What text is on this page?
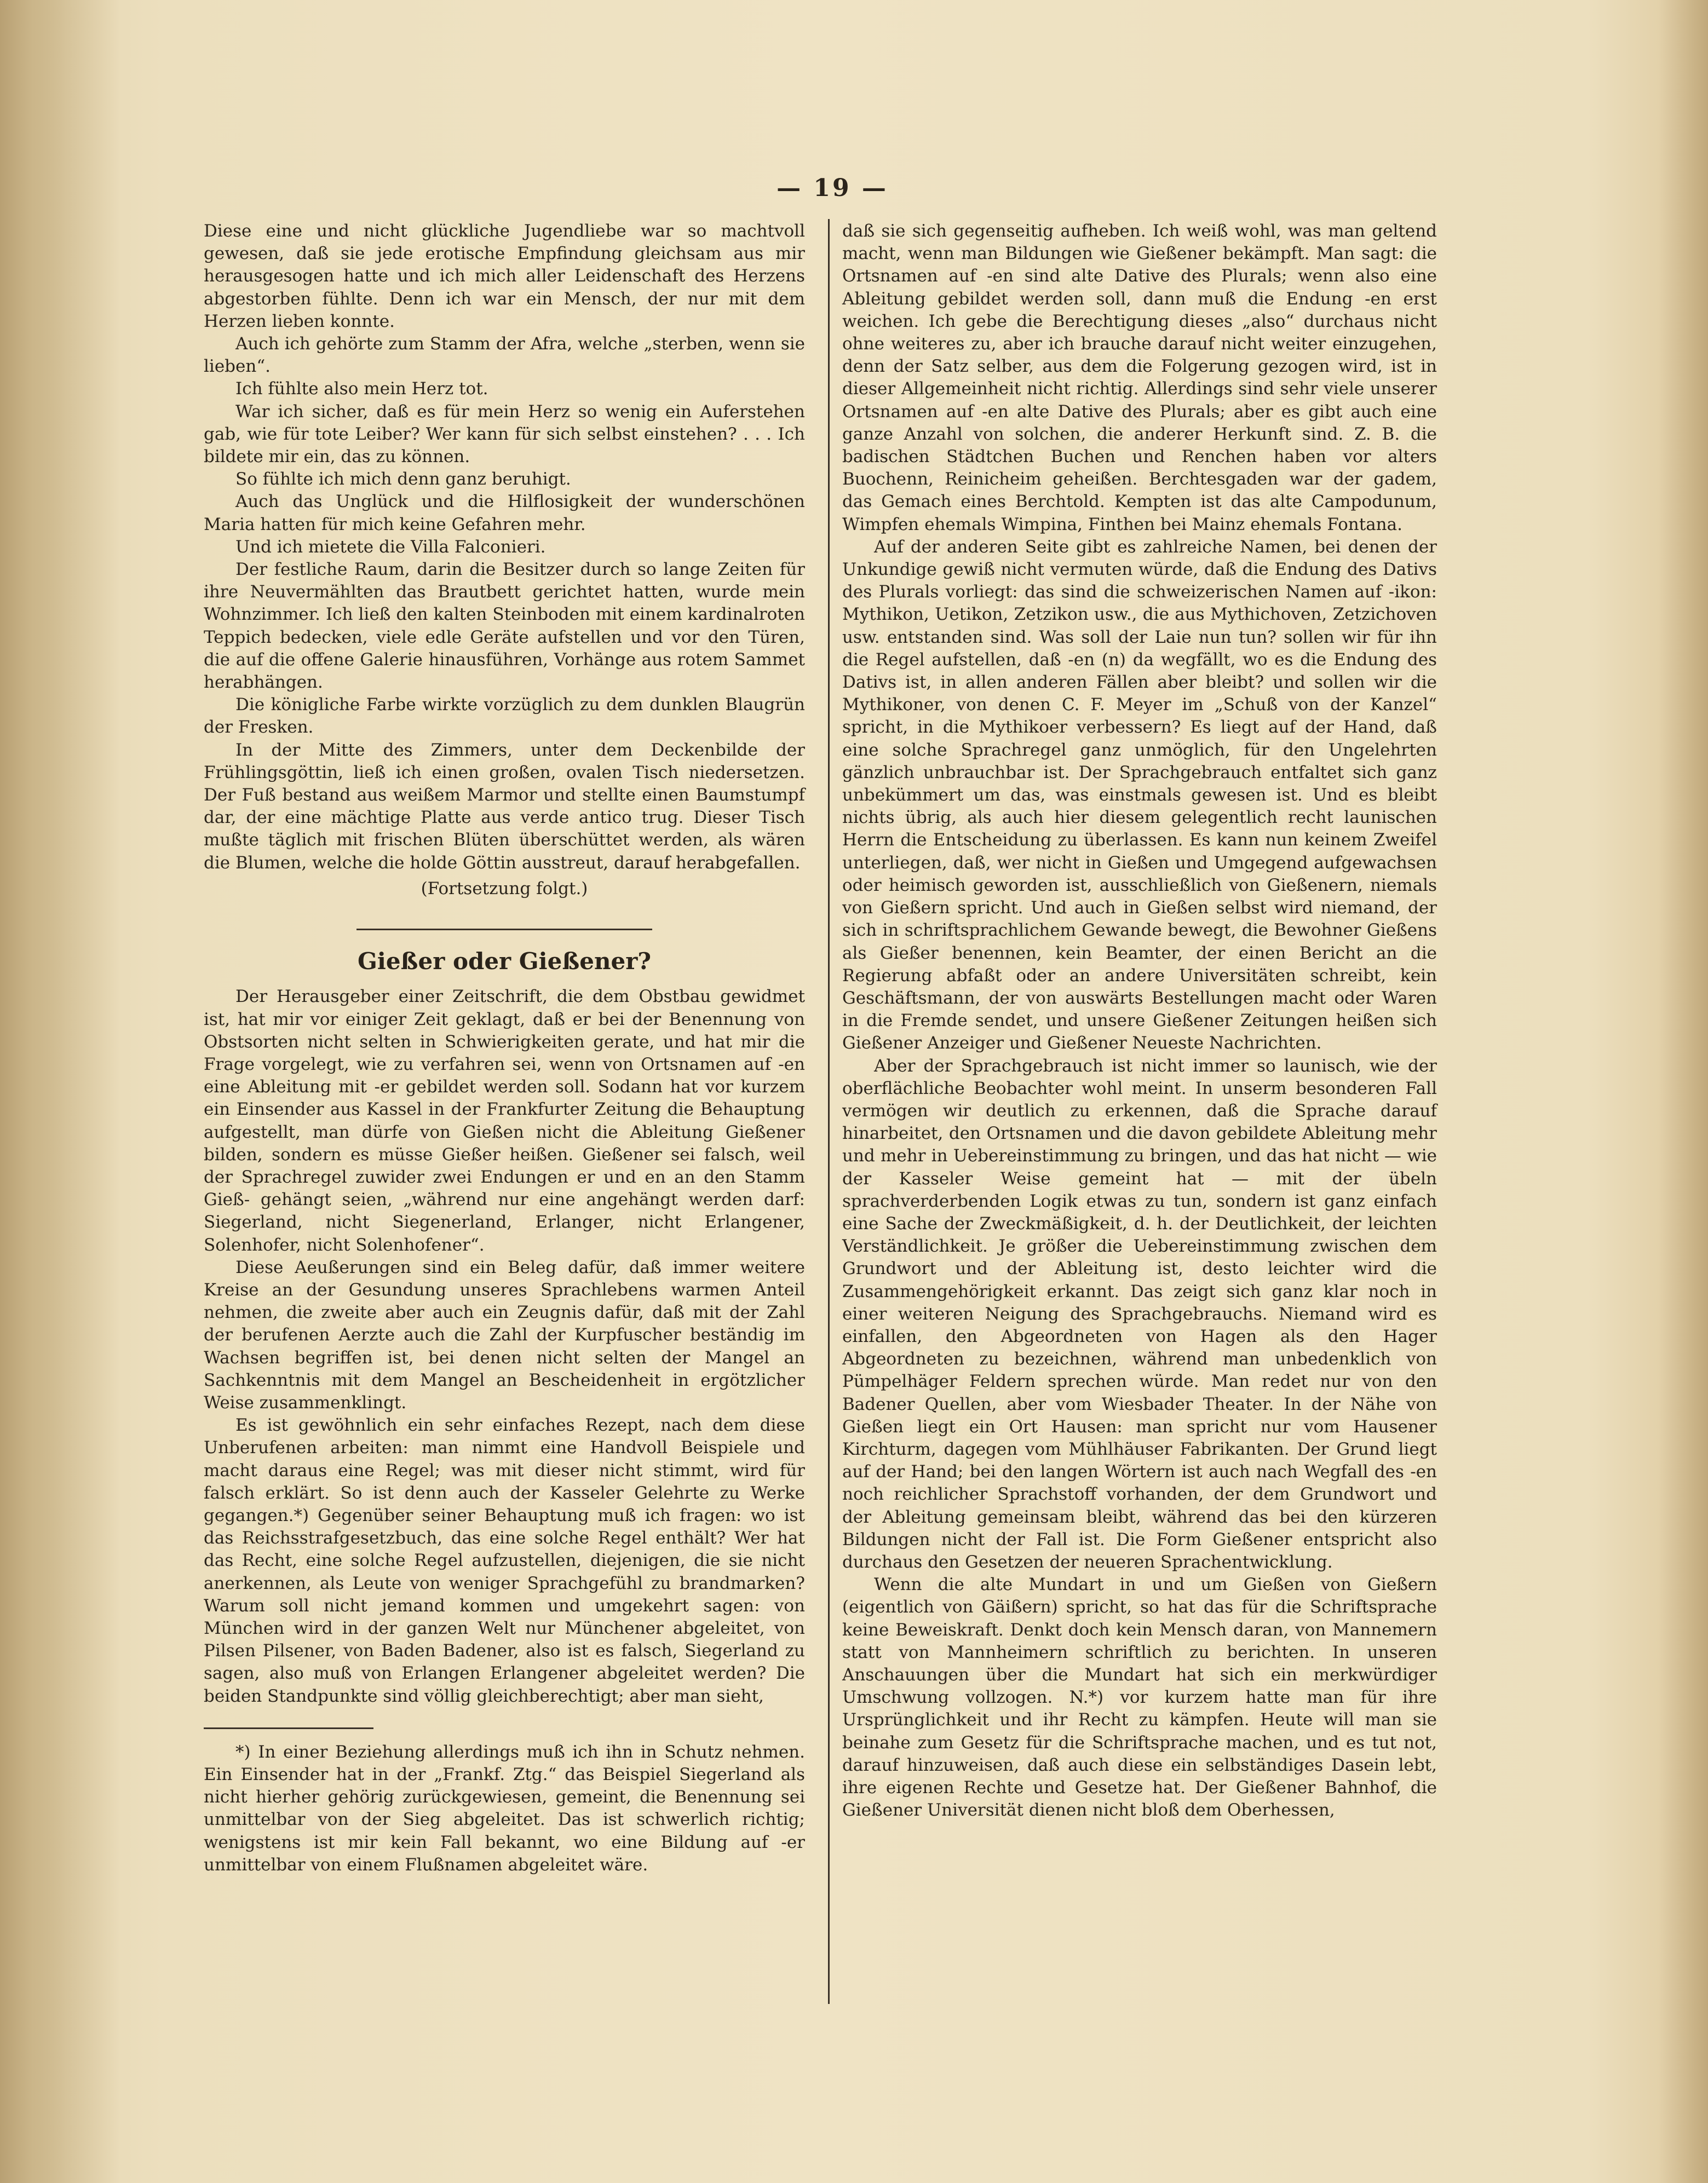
— 19 —

Diese eine und nicht glückliche Jugendliebe war so machtvoll gewesen, daß sie jede erotische Empfindung gleichsam aus mir herausgesogen hatte und ich mich aller Leidenschaft des Herzens abgestorben fühlte. Denn ich war ein Mensch, der nur mit dem Herzen lieben konnte.

Auch ich gehörte zum Stamm der Afra, welche „sterben, wenn sie lieben“.

Ich fühlte also mein Herz tot.

War ich sicher, daß es für mein Herz so wenig ein Auferstehen gab, wie für tote Leiber? Wer kann für sich selbst einstehen? . . . Ich bildete mir ein, das zu können.

So fühlte ich mich denn ganz beruhigt.

Auch das Unglück und die Hilflosigkeit der wunderschönen Maria hatten für mich keine Gefahren mehr.

Und ich mietete die Villa Falconieri.

Der festliche Raum, darin die Besitzer durch so lange Zeiten für ihre Neuvermählten das Brautbett gerichtet hatten, wurde mein Wohnzimmer. Ich ließ den kalten Steinboden mit einem kardinalroten Teppich bedecken, viele edle Geräte aufstellen und vor den Türen, die auf die offene Galerie hinausführen, Vorhänge aus rotem Sammet herabhängen.

Die königliche Farbe wirkte vorzüglich zu dem dunklen Blaugrün der Fresken.

In der Mitte des Zimmers, unter dem Deckenbilde der Frühlingsgöttin, ließ ich einen großen, ovalen Tisch niedersetzen. Der Fuß bestand aus weißem Marmor und stellte einen Baumstumpf dar, der eine mächtige Platte aus verde antico trug. Dieser Tisch mußte täglich mit frischen Blüten überschüttet werden, als wären die Blumen, welche die holde Göttin ausstreut, darauf herabgefallen.

(Fortsetzung folgt.)
Gießer oder Gießener?

Der Herausgeber einer Zeitschrift, die dem Obstbau gewidmet ist, hat mir vor einiger Zeit geklagt, daß er bei der Benennung von Obstsorten nicht selten in Schwierigkeiten gerate, und hat mir die Frage vorgelegt, wie zu verfahren sei, wenn von Ortsnamen auf -en eine Ableitung mit -er gebildet werden soll. Sodann hat vor kurzem ein Einsender aus Kassel in der Frankfurter Zeitung die Behauptung aufgestellt, man dürfe von Gießen nicht die Ableitung Gießener bilden, sondern es müsse Gießer heißen. Gießener sei falsch, weil der Sprachregel zuwider zwei Endungen er und en an den Stamm Gieß- gehängt seien, „während nur eine angehängt werden darf: Siegerland, nicht Siegenerland, Erlanger, nicht Erlangener, Solenhofer, nicht Solenhofener“.

Diese Aeußerungen sind ein Beleg dafür, daß immer weitere Kreise an der Gesundung unseres Sprachlebens warmen Anteil nehmen, die zweite aber auch ein Zeugnis dafür, daß mit der Zahl der berufenen Aerzte auch die Zahl der Kurpfuscher beständig im Wachsen begriffen ist, bei denen nicht selten der Mangel an Sachkenntnis mit dem Mangel an Bescheidenheit in ergötzlicher Weise zusammenklingt.

Es ist gewöhnlich ein sehr einfaches Rezept, nach dem diese Unberufenen arbeiten: man nimmt eine Handvoll Beispiele und macht daraus eine Regel; was mit dieser nicht stimmt, wird für falsch erklärt. So ist denn auch der Kasseler Gelehrte zu Werke gegangen.*) Gegenüber seiner Behauptung muß ich fragen: wo ist das Reichsstrafgesetzbuch, das eine solche Regel enthält? Wer hat das Recht, eine solche Regel aufzustellen, diejenigen, die sie nicht anerkennen, als Leute von weniger Sprachgefühl zu brandmarken? Warum soll nicht jemand kommen und umgekehrt sagen: von München wird in der ganzen Welt nur Münchener abgeleitet, von Pilsen Pilsener, von Baden Badener, also ist es falsch, Siegerland zu sagen, also muß von Erlangen Erlangener abgeleitet werden? Die beiden Standpunkte sind völlig gleichberechtigt; aber man sieht,

*) In einer Beziehung allerdings muß ich ihn in Schutz nehmen. Ein Einsender hat in der „Frankf. Ztg.“ das Beispiel Siegerland als nicht hierher gehörig zurückgewiesen, gemeint, die Benennung sei unmittelbar von der Sieg abgeleitet. Das ist schwerlich richtig; wenigstens ist mir kein Fall bekannt, wo eine Bildung auf -er unmittelbar von einem Flußnamen abgeleitet wäre.

daß sie sich gegenseitig aufheben. Ich weiß wohl, was man geltend macht, wenn man Bildungen wie Gießener bekämpft. Man sagt: die Ortsnamen auf -en sind alte Dative des Plurals; wenn also eine Ableitung gebildet werden soll, dann muß die Endung -en erst weichen. Ich gebe die Berechtigung dieses „also“ durchaus nicht ohne weiteres zu, aber ich brauche darauf nicht weiter einzugehen, denn der Satz selber, aus dem die Folgerung gezogen wird, ist in dieser Allgemeinheit nicht richtig. Allerdings sind sehr viele unserer Ortsnamen auf -en alte Dative des Plurals; aber es gibt auch eine ganze Anzahl von solchen, die anderer Herkunft sind. Z. B. die badischen Städtchen Buchen und Renchen haben vor alters Buochenn, Reinicheim geheißen. Berchtesgaden war der gadem, das Gemach eines Berchtold. Kempten ist das alte Campodunum, Wimpfen ehemals Wimpina, Finthen bei Mainz ehemals Fontana.

Auf der anderen Seite gibt es zahlreiche Namen, bei denen der Unkundige gewiß nicht vermuten würde, daß die Endung des Dativs des Plurals vorliegt: das sind die schweizerischen Namen auf -ikon: Mythikon, Uetikon, Zetzikon usw., die aus Mythichoven, Zetzichoven usw. entstanden sind. Was soll der Laie nun tun? sollen wir für ihn die Regel aufstellen, daß -en (n) da wegfällt, wo es die Endung des Dativs ist, in allen anderen Fällen aber bleibt? und sollen wir die Mythikoner, von denen C. F. Meyer im „Schuß von der Kanzel“ spricht, in die Mythikoer verbessern? Es liegt auf der Hand, daß eine solche Sprachregel ganz unmöglich, für den Ungelehrten gänzlich unbrauchbar ist. Der Sprachgebrauch entfaltet sich ganz unbekümmert um das, was einstmals gewesen ist. Und es bleibt nichts übrig, als auch hier diesem gelegentlich recht launischen Herrn die Entscheidung zu überlassen. Es kann nun keinem Zweifel unterliegen, daß, wer nicht in Gießen und Umgegend aufgewachsen oder heimisch geworden ist, ausschließlich von Gießenern, niemals von Gießern spricht. Und auch in Gießen selbst wird niemand, der sich in schriftsprachlichem Gewande bewegt, die Bewohner Gießens als Gießer benennen, kein Beamter, der einen Bericht an die Regierung abfaßt oder an andere Universitäten schreibt, kein Geschäftsmann, der von auswärts Bestellungen macht oder Waren in die Fremde sendet, und unsere Gießener Zeitungen heißen sich Gießener Anzeiger und Gießener Neueste Nachrichten.

Aber der Sprachgebrauch ist nicht immer so launisch, wie der oberflächliche Beobachter wohl meint. In unserm besonderen Fall vermögen wir deutlich zu erkennen, daß die Sprache darauf hinarbeitet, den Ortsnamen und die davon gebildete Ableitung mehr und mehr in Uebereinstimmung zu bringen, und das hat nicht — wie der Kasseler Weise gemeint hat — mit der übeln sprachverderbenden Logik etwas zu tun, sondern ist ganz einfach eine Sache der Zweckmäßigkeit, d. h. der Deutlichkeit, der leichten Verständlichkeit. Je größer die Uebereinstimmung zwischen dem Grundwort und der Ableitung ist, desto leichter wird die Zusammengehörigkeit erkannt. Das zeigt sich ganz klar noch in einer weiteren Neigung des Sprachgebrauchs. Niemand wird es einfallen, den Abgeordneten von Hagen als den Hager Abgeordneten zu bezeichnen, während man unbedenklich von Pümpelhäger Feldern sprechen würde. Man redet nur von den Badener Quellen, aber vom Wiesbader Theater. In der Nähe von Gießen liegt ein Ort Hausen: man spricht nur vom Hausener Kirchturm, dagegen vom Mühlhäuser Fabrikanten. Der Grund liegt auf der Hand; bei den langen Wörtern ist auch nach Wegfall des -en noch reichlicher Sprachstoff vorhanden, der dem Grundwort und der Ableitung gemeinsam bleibt, während das bei den kürzeren Bildungen nicht der Fall ist. Die Form Gießener entspricht also durchaus den Gesetzen der neueren Sprachentwicklung.

Wenn die alte Mundart in und um Gießen von Gießern (eigentlich von Gäißern) spricht, so hat das für die Schriftsprache keine Beweiskraft. Denkt doch kein Mensch daran, von Mannemern statt von Mannheimern schriftlich zu berichten. In unseren Anschauungen über die Mundart hat sich ein merkwürdiger Umschwung vollzogen. N.*) vor kurzem hatte man für ihre Ursprünglichkeit und ihr Recht zu kämpfen. Heute will man sie beinahe zum Gesetz für die Schriftsprache machen, und es tut not, darauf hinzuweisen, daß auch diese ein selbständiges Dasein lebt, ihre eigenen Rechte und Gesetze hat. Der Gießener Bahnhof, die Gießener Universität dienen nicht bloß dem Oberhessen,
